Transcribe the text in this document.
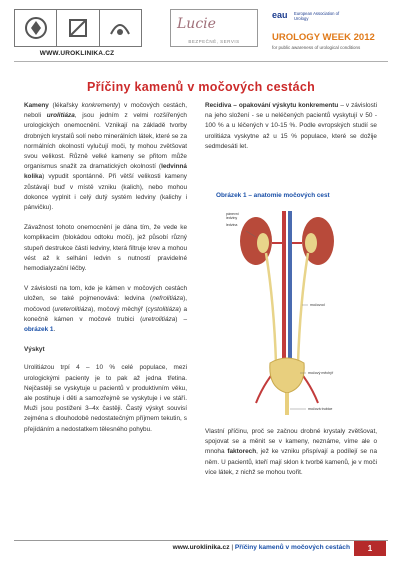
WWW.UROKLINIKA.CZ
Lucie
BEZPEČNĚ, SERVIS
eau European Association of Urology
UROLOGY WEEK 2012
for public awareness of urological conditions
Příčiny kamenů v močových cestách

Kameny (lékařsky konkrementy) v močových cestách, neboli urolitiáza, jsou jedním z velmi rozšířených urologických onemocnění. Vznikají na základě tvorby drobných krystalů solí nebo minerálních látek, které se za normálních okolností vylučují moči, ty mohou zvětšovat svou velikost. Různě velké kameny se přitom může organismus snažit za dramatických okolností (ledvinná kolika) vypudit spontánně. Při větší velikosti kameny zůstávají buď v místě vzniku (kalich), nebo mohou dokonce vyplnit i celý dutý systém ledviny (kalichy i pánvičku).

Závažnost tohoto onemocnění je dána tím, že vede ke komplikacím (blokádou odtoku moči), jež působí různý stupeň destrukce části ledviny, která filtruje krev a mohou vést až k selhání ledvin s nutností pravidelné hemodialyzační léčby.

V závislosti na tom, kde je kámen v močových cestách uložen, se také pojmenovává: ledvina (nefrolitiáza), močovod (ureterolitiáza), močový měchýř (cystolitiáza) a konečně kámen v močové trubici (uretrolitiáza) – obrázek 1.

Výskyt

Urolitiázou trpí 4 – 10 % celé populace, mezi urologickými pacienty je to pak až jedna třetina. Nejčastěji se vyskytuje u pacientů v produktivním věku, ale postihuje i děti a samozřejmě se vyskytuje i ve stáří. Muži jsou postiženi 3–4x častěji. Častý výskyt souvisí zejména s dlouhodobě nedostatečným příjmem tekutin, s přejídáním a nedostatkem tělesného pohybu.

Recidiva – opakování výskytu konkrementu – v závislosti na jeho složení - se u neléčených pacientů vyskytují v 50 - 100 % a u léčených v 10-15 %. Podle evropských studií se urolitiáza vyskytne až u 15 % populace, které se dožije sedmdesáti let.

Obrázek 1 – anatomie močových cest
pánevní ledviny
ledvina
močovod
močový měchýř
močová trubice

Vlastní příčinu, proč se začnou drobné krystaly zvětšovat, spojovat se a měnit se v kameny, neznáme, víme ale o mnoha faktorech, jež ke vzniku přispívají a podílejí se na něm. U pacientů, kteří mají sklon k tvorbě kamenů, je v moči více látek, z nichž se mohou tvořit.

www.uroklinika.cz | Příčiny kamenů v močových cestách	1
